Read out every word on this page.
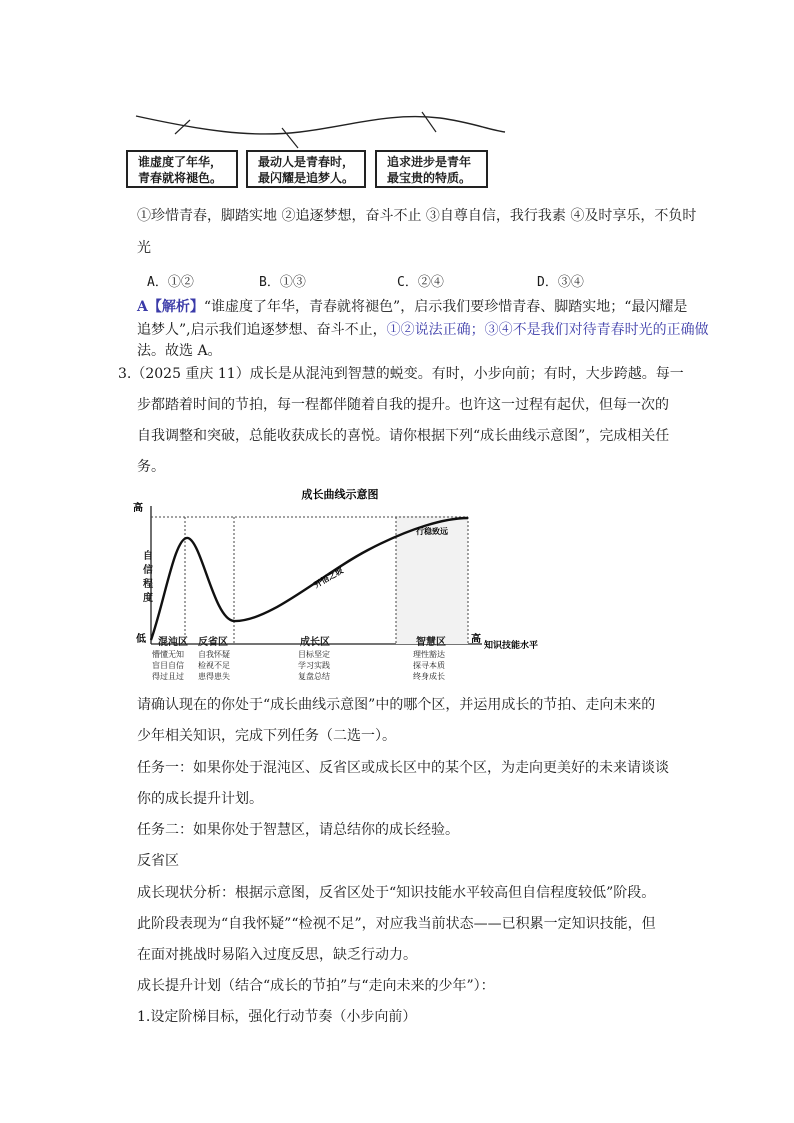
谁虚度了年华，
青春就将褪色。
最动人是青春时，
最闪耀是追梦人。
追求进步是青年
最宝贵的特质。
①珍惜青春，脚踏实地 ②追逐梦想，奋斗不止 ③自尊自信，我行我素 ④及时享乐，不负时
光
A．①②	B．①③	C．②④	D．③④
A【解析】“谁虚度了年华，青春就将褪色”，启示我们要珍惜青春、脚踏实地；“最闪耀是
追梦人”,启示我们追逐梦想、奋斗不止，①②说法正确；③④不是我们对待青春时光的正确做
法。故选 A。
3.（2025 重庆 11）成长是从混沌到智慧的蜕变。有时，小步向前；有时，大步跨越。每一
步都踏着时间的节拍，每一程都伴随着自我的提升。也许这一过程有起伏，但每一次的
自我调整和突破，总能收获成长的喜悦。请你根据下列“成长曲线示意图”，完成相关任
务。
成长曲线示意图
高
低	高
知识技能水平
开悟之坡
行稳致远
自信程度
混沌区 反省区	成长区	智慧区
懵懂无知
盲目自信
得过且过
自我怀疑
检视不足
患得患失
目标坚定
学习实践
复盘总结
理性豁达
探寻本质
终身成长
请确认现在的你处于“成长曲线示意图”中的哪个区，并运用成长的节拍、走向未来的
少年相关知识，完成下列任务（二选一）。
任务一：如果你处于混沌区、反省区或成长区中的某个区，为走向更美好的未来请谈谈
你的成长提升计划。
任务二：如果你处于智慧区，请总结你的成长经验。
反省区
成长现状分析：根据示意图，反省区处于“知识技能水平较高但自信程度较低”阶段。
此阶段表现为“自我怀疑”“检视不足”，对应我当前状态——已积累一定知识技能，但
在面对挑战时易陷入过度反思，缺乏行动力。
成长提升计划（结合“成长的节拍”与“走向未来的少年”）：
1.设定阶梯目标，强化行动节奏（小步向前）
